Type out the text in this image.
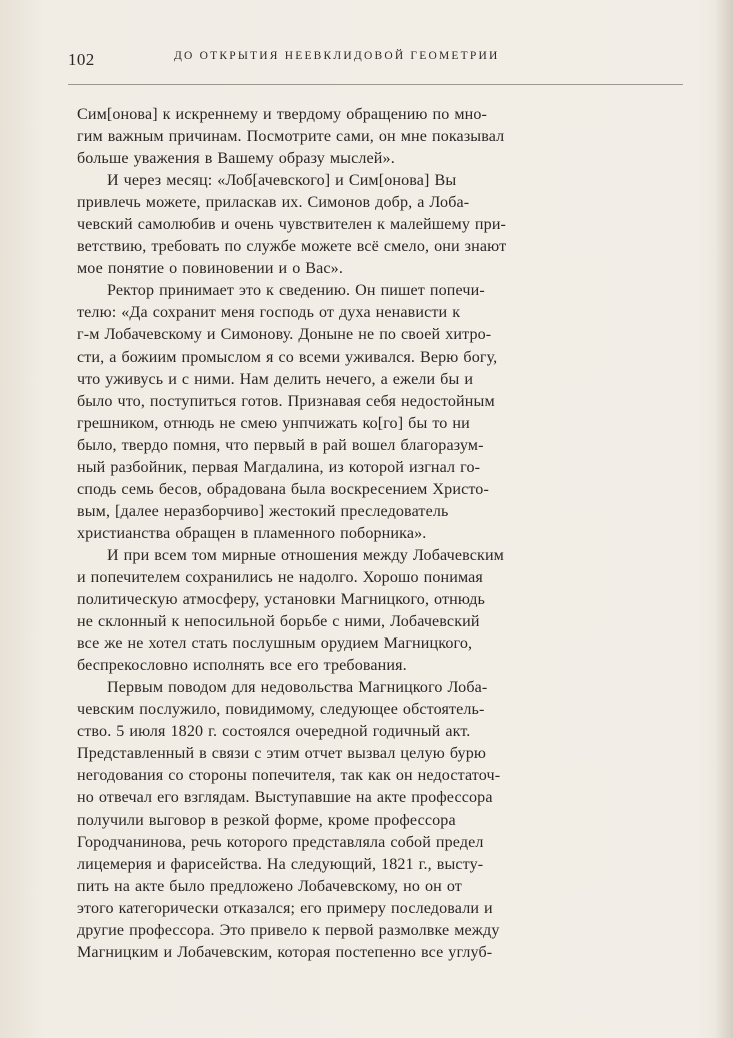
102	ДО ОТКРЫТИЯ НЕЕВКЛИДОВОЙ ГЕОМЕТРИИ
Сим[онова] к искреннему и твердому обращению по мно-
гим важным причинам. Посмотрите сами, он мне показывал
больше уважения в Вашему образу мыслей».
И через месяц: «Лоб[ачевского] и Сим[онова] Вы
привлечь можете, приласкав их. Симонов добр, а Лоба-
чевский самолюбив и очень чувствителен к малейшему при-
ветствию, требовать по службе можете всё смело, они знают
мое понятие о повиновении и о Вас».
Ректор принимает это к сведению. Он пишет попечи-
телю: «Да сохранит меня господь от духа ненависти к
г-м Лобачевскому и Симонову. Доныне не по своей хитро-
сти, а божиим промыслом я со всеми уживался. Верю богу,
что уживусь и с ними. Нам делить нечего, а ежели бы и
было что, поступиться готов. Признавая себя недостойным
грешником, отнюдь не смею унпчижать ко[го] бы то ни
было, твердо помня, что первый в рай вошел благоразум-
ный разбойник, первая Магдалина, из которой изгнал го-
сподь семь бесов, обрадована была воскресением Христо-
вым, [далее неразборчиво] жестокий преследователь
христианства обращен в пламенного поборника».
И при всем том мирные отношения между Лобачевским
и попечителем сохранились не надолго. Хорошо понимая
политическую атмосферу, установки Магницкого, отнюдь
не склонный к непосильной борьбе с ними, Лобачевский
все же не хотел стать послушным орудием Магницкого,
беспрекословно исполнять все его требования.
Первым поводом для недовольства Магницкого Лоба-
чевским послужило, повидимому, следующее обстоятель-
ство. 5 июля 1820 г. состоялся очередной годичный акт.
Представленный в связи с этим отчет вызвал целую бурю
негодования со стороны попечителя, так как он недостаточ-
но отвечал его взглядам. Выступавшие на акте профессора
получили выговор в резкой форме, кроме профессора
Городчанинова, речь которого представляла собой предел
лицемерия и фарисейства. На следующий, 1821 г., высту-
пить на акте было предложено Лобачевскому, но он от
этого категорически отказался; его примеру последовали и
другие профессора. Это привело к первой размолвке между
Магницким и Лобачевским, которая постепенно все углуб-
